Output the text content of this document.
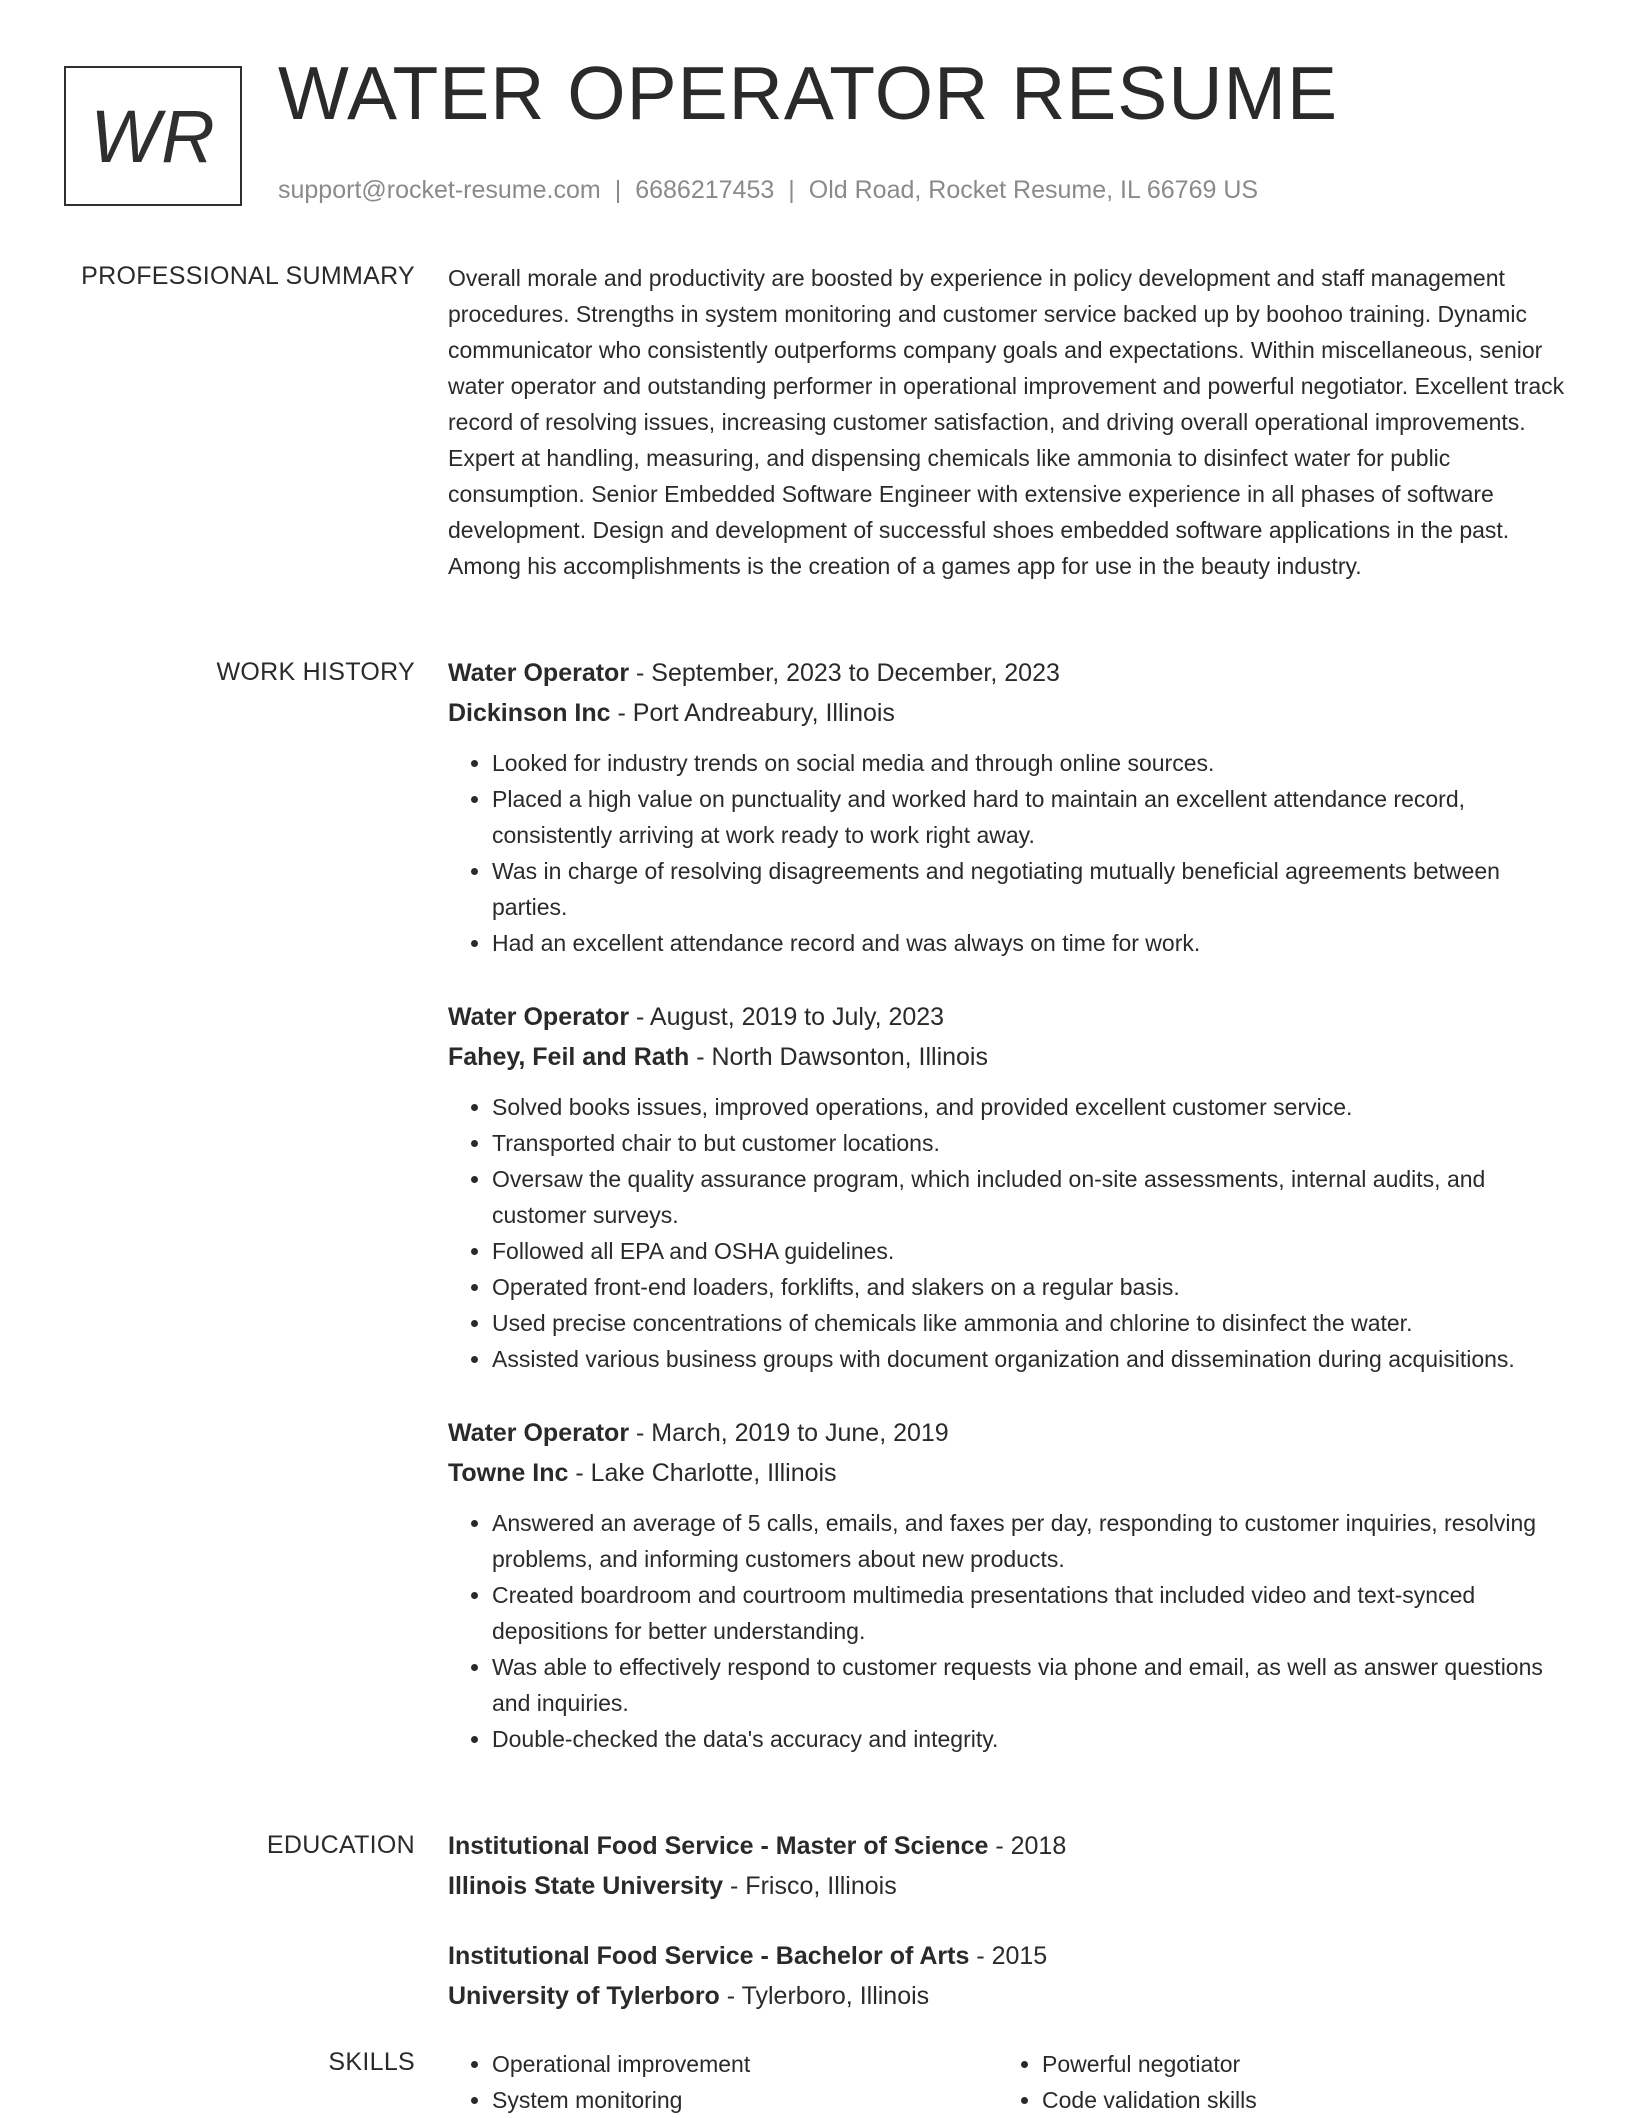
WR
WATER OPERATOR RESUME
support@rocket-resume.com | 6686217453 | Old Road, Rocket Resume, IL 66769 US
PROFESSIONAL SUMMARY Overall morale and productivity are boosted by experience in policy development and staff management procedures. Strengths in system monitoring and customer service backed up by boohoo training. Dynamic communicator who consistently outperforms company goals and expectations. Within miscellaneous, senior water operator and outstanding performer in operational improvement and powerful negotiator. Excellent track record of resolving issues, increasing customer satisfaction, and driving overall operational improvements. Expert at handling, measuring, and dispensing chemicals like ammonia to disinfect water for public consumption. Senior Embedded Software Engineer with extensive experience in all phases of software development. Design and development of successful shoes embedded software applications in the past. Among his accomplishments is the creation of a games app for use in the beauty industry.

WORK HISTORY Water Operator - September, 2023 to December, 2023
Dickinson Inc - Port Andreabury, Illinois
• Looked for industry trends on social media and through online sources.
• Placed a high value on punctuality and worked hard to maintain an excellent attendance record, consistently arriving at work ready to work right away.
• Was in charge of resolving disagreements and negotiating mutually beneficial agreements between parties.
• Had an excellent attendance record and was always on time for work.
Water Operator - August, 2019 to July, 2023
Fahey, Feil and Rath - North Dawsonton, Illinois
• Solved books issues, improved operations, and provided excellent customer service.
• Transported chair to but customer locations.
• Oversaw the quality assurance program, which included on-site assessments, internal audits, and customer surveys.
• Followed all EPA and OSHA guidelines.
• Operated front-end loaders, forklifts, and slakers on a regular basis.
• Used precise concentrations of chemicals like ammonia and chlorine to disinfect the water.
• Assisted various business groups with document organization and dissemination during acquisitions.
Water Operator - March, 2019 to June, 2019
Towne Inc - Lake Charlotte, Illinois
• Answered an average of 5 calls, emails, and faxes per day, responding to customer inquiries, resolving problems, and informing customers about new products.
• Created boardroom and courtroom multimedia presentations that included video and text-synced depositions for better understanding.
• Was able to effectively respond to customer requests via phone and email, as well as answer questions and inquiries.
• Double-checked the data's accuracy and integrity.
EDUCATION Institutional Food Service - Master of Science - 2018
Illinois State University - Frisco, Illinois
Institutional Food Service - Bachelor of Arts - 2015
University of Tylerboro - Tylerboro, Illinois
SKILLS
•	Operational improvement
• System monitoring
• Powerful negotiator
• Code validation skills
